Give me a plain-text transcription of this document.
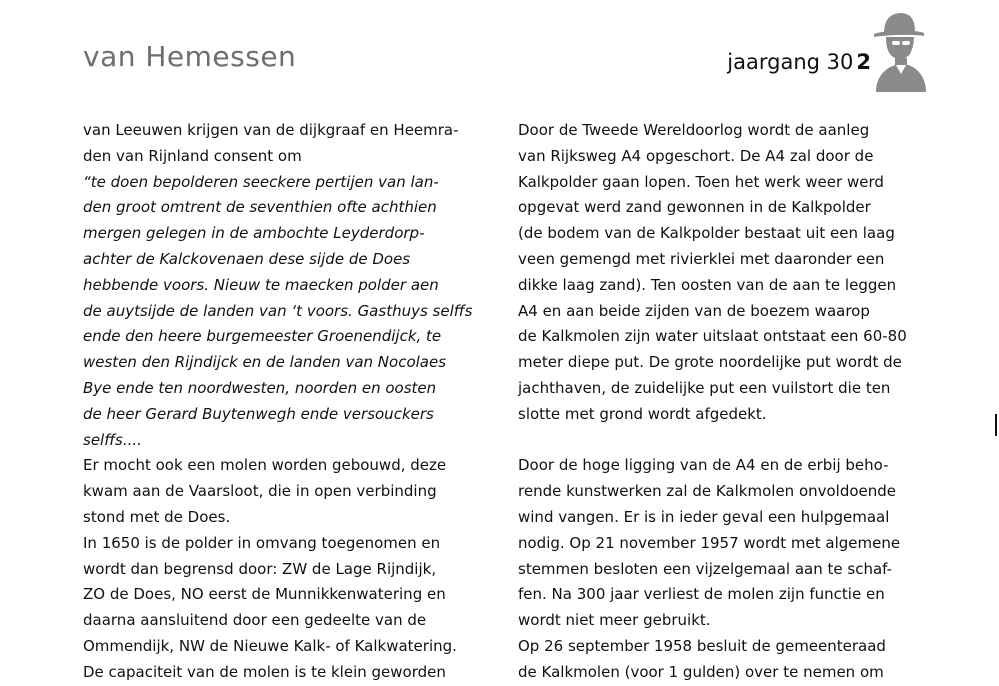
van Hemessen	jaargang 30 2
van Leeuwen krijgen van de dijkgraaf en Heemra-
den van Rijnland consent om
“te doen bepolderen seeckere pertijen van lan-
den groot omtrent de seventhien ofte achthien
mergen gelegen in de ambochte Leyderdorp-
achter de Kalckovenaen dese sijde de Does
hebbende voors. Nieuw te maecken polder aen
de auytsijde de landen van ‘t voors. Gasthuys selffs
ende den heere burgemeester Groenendijck, te
westen den Rijndijck en de landen van Nocolaes
Bye ende ten noordwesten, noorden en oosten
de heer Gerard Buytenwegh ende versouckers
selffs....
Er mocht ook een molen worden gebouwd, deze
kwam aan de Vaarsloot, die in open verbinding
stond met de Does.
In 1650 is de polder in omvang toegenomen en
wordt dan begrensd door: ZW de Lage Rijndijk,
ZO de Does, NO eerst de Munnikkenwatering en
daarna aansluitend door een gedeelte van de
Ommendijk, NW de Nieuwe Kalk- of Kalkwatering.
De capaciteit van de molen is te klein geworden
Door de Tweede Wereldoorlog wordt de aanleg
van Rijksweg A4 opgeschort. De A4 zal door de
Kalkpolder gaan lopen. Toen het werk weer werd
opgevat werd zand gewonnen in de Kalkpolder
(de bodem van de Kalkpolder bestaat uit een laag
veen gemengd met rivierklei met daaronder een
dikke laag zand). Ten oosten van de aan te leggen
A4 en aan beide zijden van de boezem waarop
de Kalkmolen zijn water uitslaat ontstaat een 60-80
meter diepe put. De grote noordelijke put wordt de
jachthaven, de zuidelijke put een vuilstort die ten
slotte met grond wordt afgedekt.
Door de hoge ligging van de A4 en de erbij beho-
rende kunstwerken zal de Kalkmolen onvoldoende
wind vangen. Er is in ieder geval een hulpgemaal
nodig. Op 21 november 1957 wordt met algemene
stemmen besloten een vijzelgemaal aan te schaf-
fen. Na 300 jaar verliest de molen zijn functie en
wordt niet meer gebruikt.
Op 26 september 1958 besluit de gemeenteraad
de Kalkmolen (voor 1 gulden) over te nemen om
